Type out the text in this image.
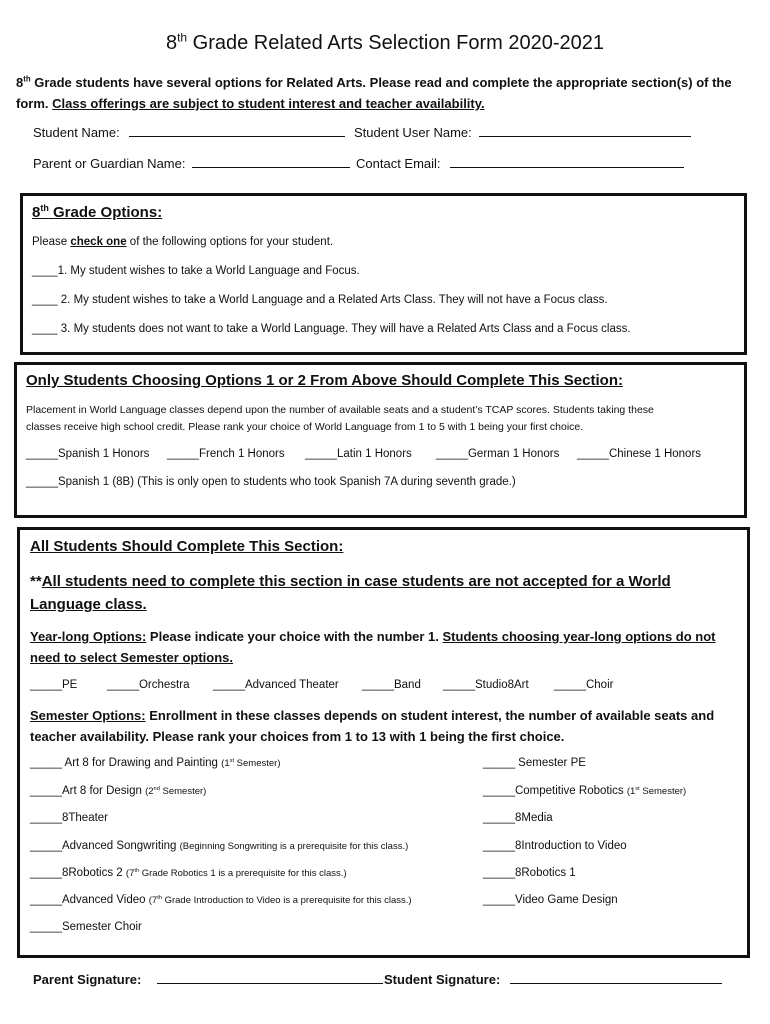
8th Grade Related Arts Selection Form 2020-2021
8th Grade students have several options for Related Arts. Please read and complete the appropriate section(s) of the form. Class offerings are subject to student interest and teacher availability.
Student Name:	Student User Name:
Parent or Guardian Name:	Contact Email:
8th Grade Options:
Please check one of the following options for your student.
____1. My student wishes to take a World Language and Focus.
____ 2. My student wishes to take a World Language and a Related Arts Class. They will not have a Focus class.
____ 3. My students does not want to take a World Language. They will have a Related Arts Class and a Focus class.
Only Students Choosing Options 1 or 2 From Above Should Complete This Section:
Placement in World Language classes depend upon the number of available seats and a student’s TCAP scores. Students taking these
classes receive high school credit. Please rank your choice of World Language from 1 to 5 with 1 being your first choice.
_____Spanish 1 Honors _____French 1 Honors _____Latin 1 Honors _____German 1 Honors _____Chinese 1 Honors
_____Spanish 1 (8B) (This is only open to students who took Spanish 7A during seventh grade.)
All Students Should Complete This Section:
**All students need to complete this section in case students are not accepted for a World Language class.
Year-long Options: Please indicate your choice with the number 1. Students choosing year-long options do not need to select Semester options.
_____PE	_____Orchestra _____Advanced Theater _____Band _____Studio8Art _____Choir
Semester Options: Enrollment in these classes depends on student interest, the number of available seats and teacher availability. Please rank your choices from 1 to 13 with 1 being the first choice.
_____ Art 8 for Drawing and Painting (1st Semester)
_____Art 8 for Design (2nd Semester)
_____8Theater
_____Advanced Songwriting (Beginning Songwriting is a prerequisite for this class.)
_____8Robotics 2 (7th Grade Robotics 1 is a prerequisite for this class.)
_____Advanced Video (7th Grade Introduction to Video is a prerequisite for this class.)
_____Semester Choir
_____ Semester PE
_____Competitive Robotics (1st Semester)
_____8Media
_____8Introduction to Video
_____8Robotics 1
_____Video Game Design
Parent Signature:	Student Signature:
